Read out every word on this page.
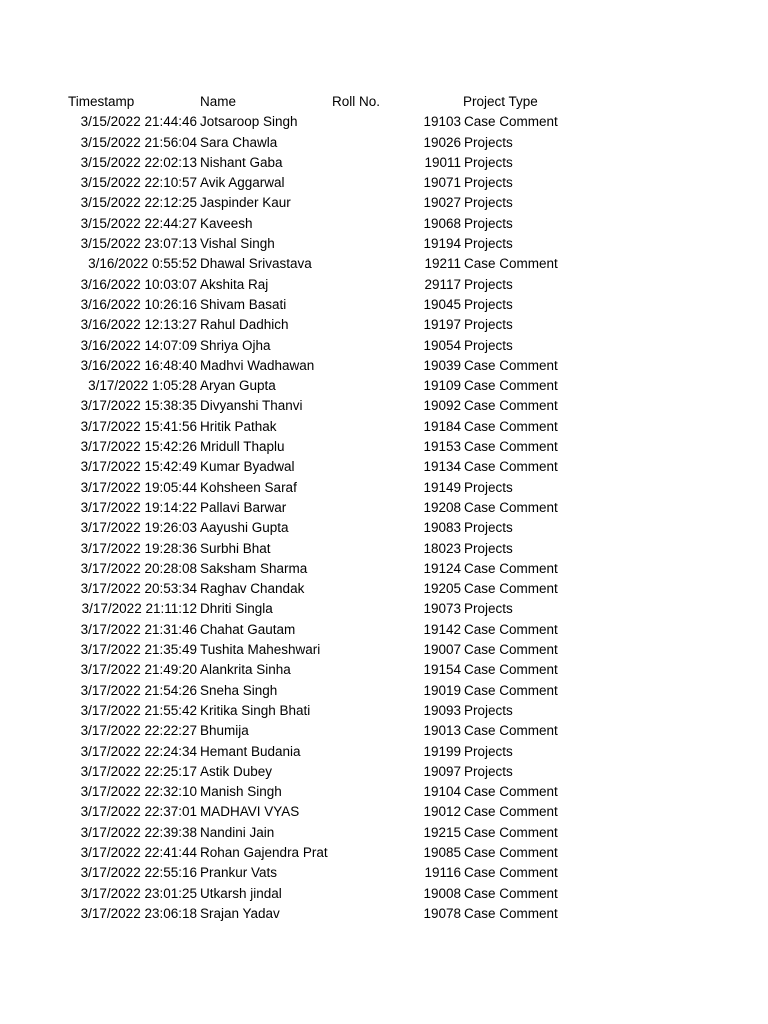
Timestamp	Name	Roll No.	Project Type
3/15/2022 21:44:46 Jotsaroop Singh	19103 Case Comment
3/15/2022 21:56:04 Sara Chawla	19026 Projects
3/15/2022 22:02:13 Nishant Gaba	19011 Projects
3/15/2022 22:10:57 Avik Aggarwal	19071 Projects
3/15/2022 22:12:25 Jaspinder Kaur	19027 Projects
3/15/2022 22:44:27 Kaveesh	19068 Projects
3/15/2022 23:07:13 Vishal Singh	19194 Projects
3/16/2022 0:55:52 Dhawal Srivastava	19211 Case Comment
3/16/2022 10:03:07 Akshita Raj	29117 Projects
3/16/2022 10:26:16 Shivam Basati	19045 Projects
3/16/2022 12:13:27 Rahul Dadhich	19197 Projects
3/16/2022 14:07:09 Shriya Ojha	19054 Projects
3/16/2022 16:48:40 Madhvi Wadhawan	19039 Case Comment
3/17/2022 1:05:28 Aryan Gupta	19109 Case Comment
3/17/2022 15:38:35 Divyanshi Thanvi	19092 Case Comment
3/17/2022 15:41:56 Hritik Pathak	19184 Case Comment
3/17/2022 15:42:26 Mridull Thaplu	19153 Case Comment
3/17/2022 15:42:49 Kumar Byadwal	19134 Case Comment
3/17/2022 19:05:44 Kohsheen Saraf	19149 Projects
3/17/2022 19:14:22 Pallavi Barwar	19208 Case Comment
3/17/2022 19:26:03 Aayushi Gupta	19083 Projects
3/17/2022 19:28:36 Surbhi Bhat	18023 Projects
3/17/2022 20:28:08 Saksham Sharma	19124 Case Comment
3/17/2022 20:53:34 Raghav Chandak	19205 Case Comment
3/17/2022 21:11:12 Dhriti Singla	19073 Projects
3/17/2022 21:31:46 Chahat Gautam	19142 Case Comment
3/17/2022 21:35:49 Tushita Maheshwari	19007 Case Comment
3/17/2022 21:49:20 Alankrita Sinha	19154 Case Comment
3/17/2022 21:54:26 Sneha Singh	19019 Case Comment
3/17/2022 21:55:42 Kritika Singh Bhati	19093 Projects
3/17/2022 22:22:27 Bhumija	19013 Case Comment
3/17/2022 22:24:34 Hemant Budania	19199 Projects
3/17/2022 22:25:17 Astik Dubey	19097 Projects
3/17/2022 22:32:10 Manish Singh	19104 Case Comment
3/17/2022 22:37:01 MADHAVI VYAS	19012 Case Comment
3/17/2022 22:39:38 Nandini Jain	19215 Case Comment
3/17/2022 22:41:44 Rohan Gajendra Prat	19085 Case Comment
3/17/2022 22:55:16 Prankur Vats	19116 Case Comment
3/17/2022 23:01:25 Utkarsh jindal	19008 Case Comment
3/17/2022 23:06:18 Srajan Yadav	19078 Case Comment
